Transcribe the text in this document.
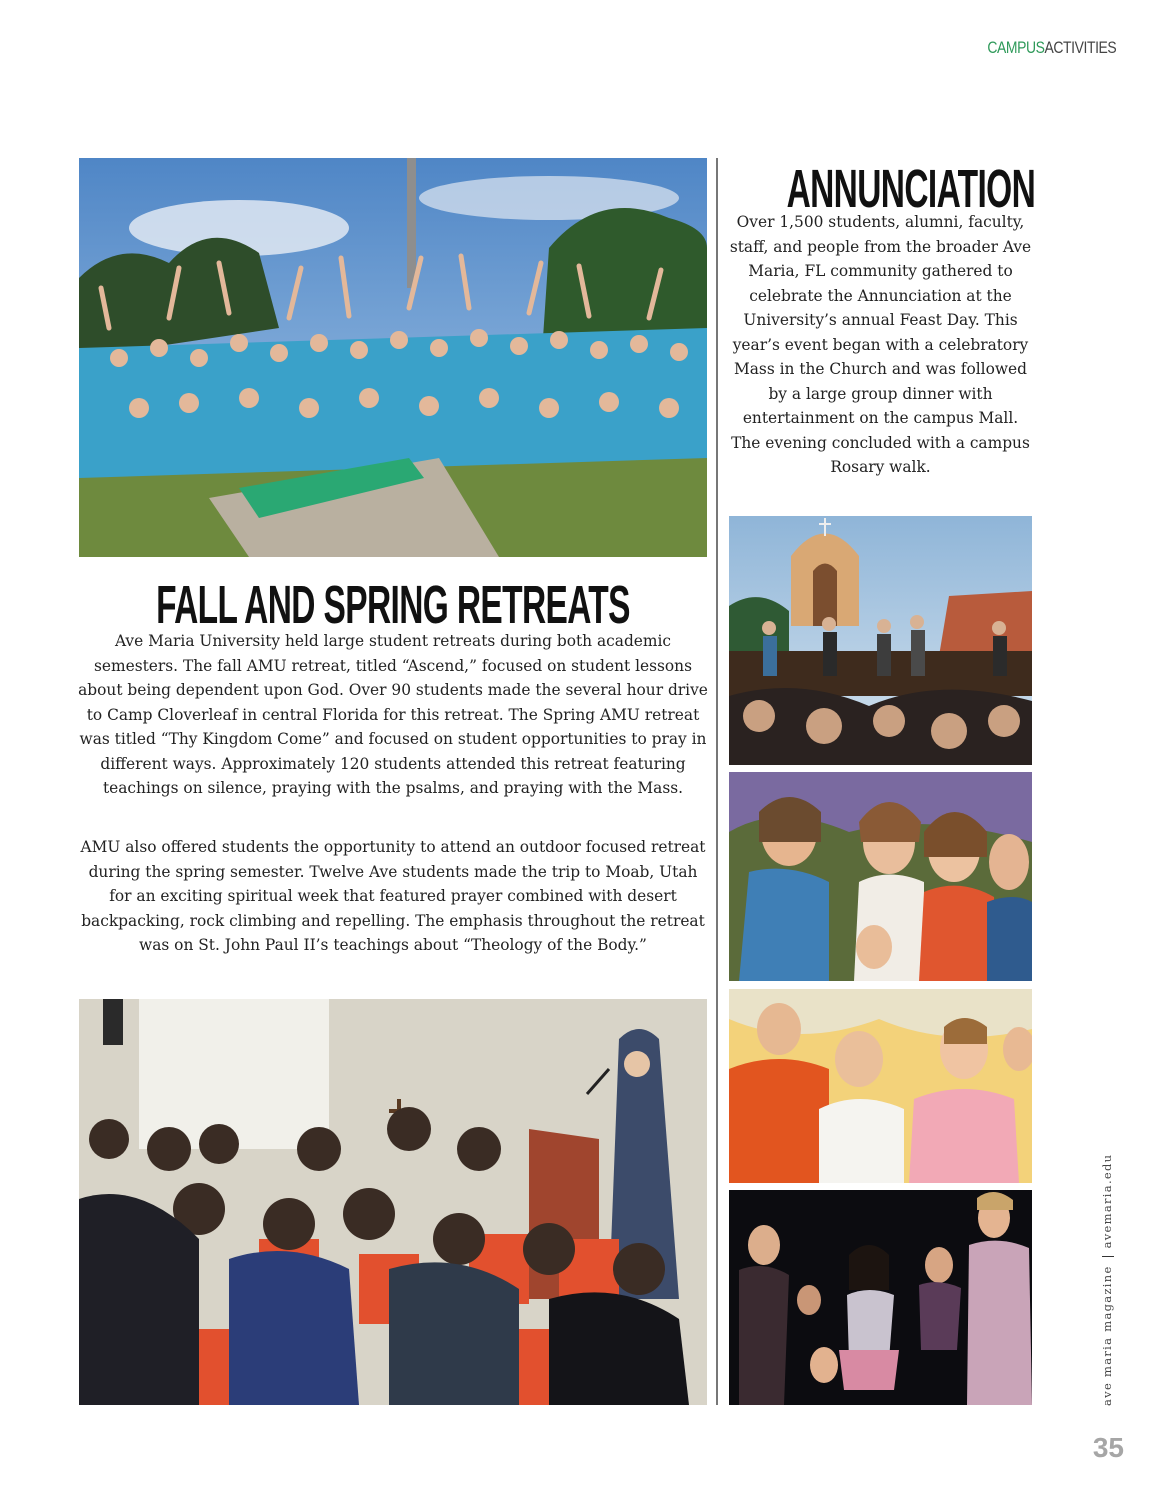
CAMPUSACTIVITIES
ANNUNCIATION

Over 1,500 students, alumni, faculty, staff, and people from the broader Ave Maria, FL community gathered to celebrate the Annunciation at the University’s annual Feast Day. This year’s event began with a celebratory Mass in the Church and was followed by a large group dinner with entertainment on the campus Mall. The evening concluded with a campus Rosary walk.

FALL AND SPRING RETREATS

Ave Maria University held large student retreats during both academic semesters. The fall AMU retreat, titled “Ascend,” focused on student lessons about being dependent upon God. Over 90 students made the several hour drive to Camp Cloverleaf in central Florida for this retreat. The Spring AMU retreat was titled “Thy Kingdom Come” and focused on student opportunities to pray in different ways. Approximately 120 students attended this retreat featuring teachings on silence, praying with the psalms, and praying with the Mass.

AMU also offered students the opportunity to attend an outdoor focused retreat during the spring semester. Twelve Ave students made the trip to Moab, Utah for an exciting spiritual week that featured prayer combined with desert backpacking, rock climbing and repelling. The emphasis throughout the retreat was on St. John Paul II’s teachings about “Theology of the Body.”

ave maria magazineavemaria.edu
35
